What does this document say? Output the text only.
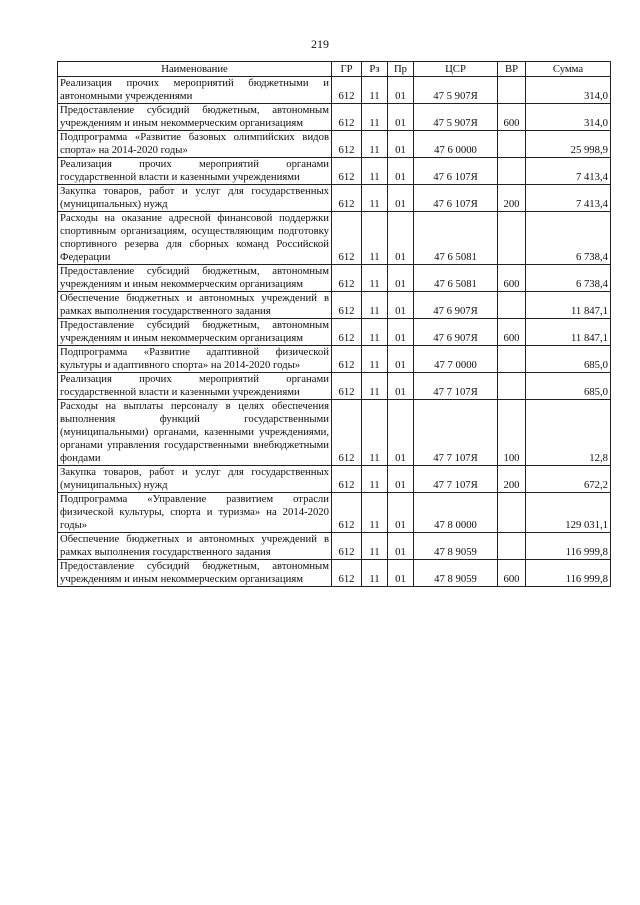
219
Наименование	ГР	Рз	Пр	ЦСР	ВР	Сумма
Реализация прочих мероприятий бюджетными и автономными учреждениями	612	11	01	47 5 907Я		314,0
Предоставление субсидий бюджетным, автономным учреждениям и иным некоммерческим организациям	612	11	01	47 5 907Я	600	314,0
Подпрограмма «Развитие базовых олимпийских видов спорта» на 2014-2020 годы»	612	11	01	47 6 0000		25 998,9
Реализация прочих мероприятий органами государственной власти и казенными учреждениями	612	11	01	47 6 107Я		7 413,4
Закупка товаров, работ и услуг для государственных (муниципальных) нужд	612	11	01	47 6 107Я	200	7 413,4
Расходы на оказание адресной финансовой поддержки спортивным организациям, осуществляющим подготовку спортивного резерва для сборных команд Российской Федерации	612	11	01	47 6 5081		6 738,4
Предоставление субсидий бюджетным, автономным учреждениям и иным некоммерческим организациям	612	11	01	47 6 5081	600	6 738,4
Обеспечение бюджетных и автономных учреждений в рамках выполнения государственного задания	612	11	01	47 6 907Я		11 847,1
Предоставление субсидий бюджетным, автономным учреждениям и иным некоммерческим организациям	612	11	01	47 6 907Я	600	11 847,1
Подпрограмма «Развитие адаптивной физической культуры и адаптивного спорта» на 2014-2020 годы»	612	11	01	47 7 0000		685,0
Реализация прочих мероприятий органами государственной власти и казенными учреждениями	612	11	01	47 7 107Я		685,0
Расходы на выплаты персоналу в целях обеспечения выполнения функций государственными (муниципальными) органами, казенными учреждениями, органами управления государственными внебюджетными фондами	612	11	01	47 7 107Я	100	12,8
Закупка товаров, работ и услуг для государственных (муниципальных) нужд	612	11	01	47 7 107Я	200	672,2
Подпрограмма «Управление развитием отрасли физической культуры, спорта и туризма» на 2014-2020 годы»	612	11	01	47 8 0000		129 031,1
Обеспечение бюджетных и автономных учреждений в рамках выполнения государственного задания	612	11	01	47 8 9059		116 999,8
Предоставление субсидий бюджетным, автономным учреждениям и иным некоммерческим организациям	612	11	01	47 8 9059	600	116 999,8
